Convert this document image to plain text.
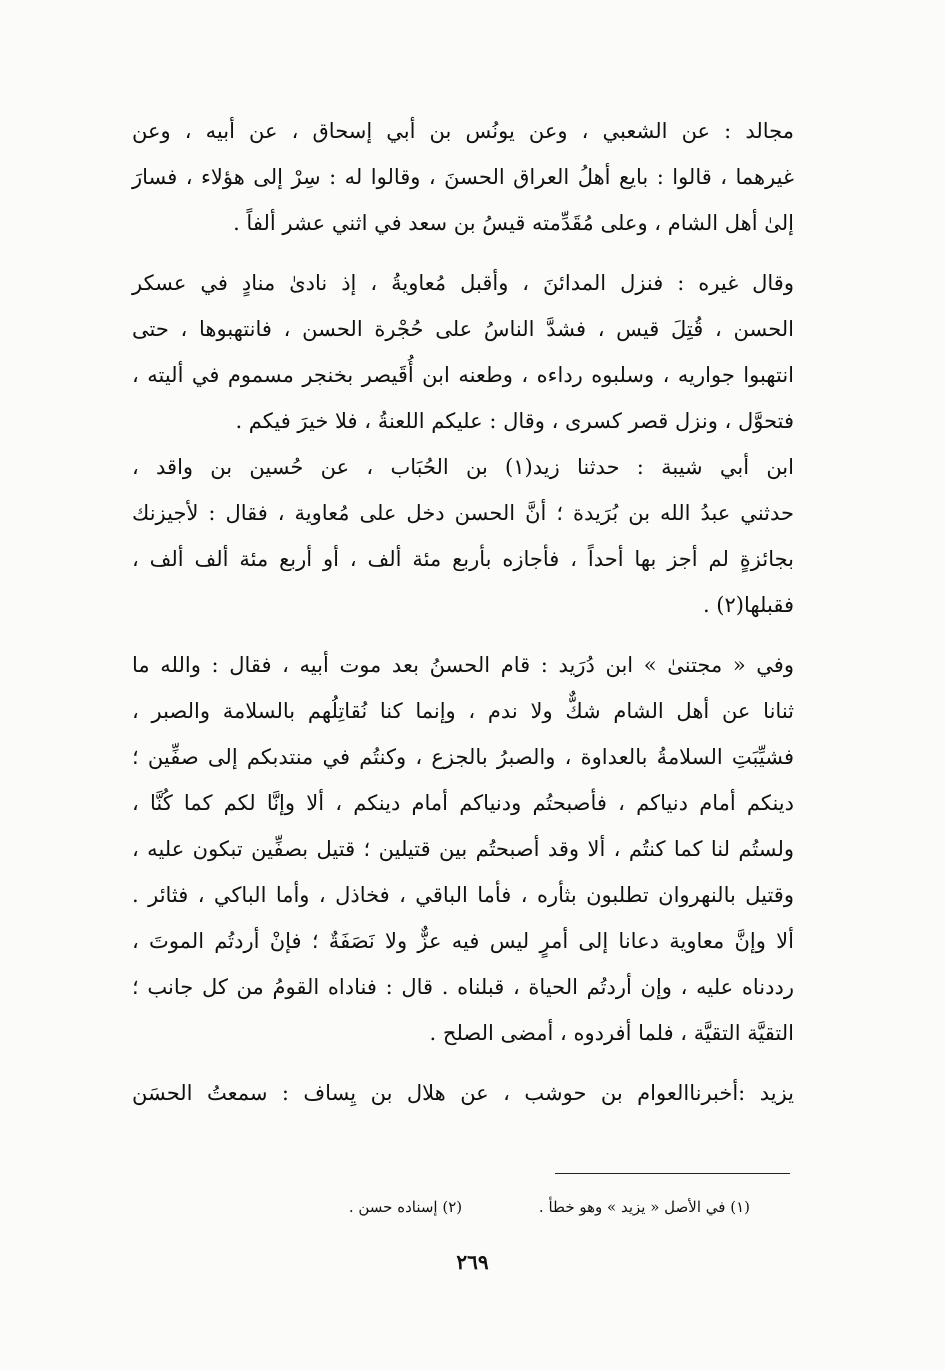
مجالد : عن الشعبي ، وعن يونُس بن أبي إسحاق ، عن أبيه ، وعن
غيرهما ، قالوا : بايع أهلُ العراق الحسنَ ، وقالوا له : سِرْ إلى هؤلاء ، فسارَ
إلىٰ أهل الشام ، وعلى مُقَدِّمته قيسُ بن سعد في اثني عشر ألفاً .
وقال غيره : فنزل المدائنَ ، وأقبل مُعاويةُ ، إذ نادىٰ منادٍ في عسكر
الحسن ، قُتِلَ قيس ، فشدَّ الناسُ على حُجْرة الحسن ، فانتهبوها ، حتى
انتهبوا جواريه ، وسلبوه رداءه ، وطعنه ابن أُقَيصر بخنجر مسموم في أليته ،
فتحوَّل ، ونزل قصر كسرى ، وقال : عليكم اللعنةُ ، فلا خيرَ فيكم .
ابن أبي شيبة : حدثنا زيد(١) بن الحُبَاب ، عن حُسين بن واقد ،
حدثني عبدُ الله بن بُرَيدة ؛ أنَّ الحسن دخل على مُعاوية ، فقال : لأجيزنك
بجائزةٍ لم أجز بها أحداً ، فأجازه بأربع مئة ألف ، أو أربع مئة ألف ألف ،
فقبلها(٢) .
وفي « مجتنىٰ » ابن دُرَيد : قام الحسنُ بعد موت أبيه ، فقال : والله ما
ثنانا عن أهل الشام شكٌّ ولا ندم ، وإنما كنا نُقاتِلُهم بالسلامة والصبر ،
فشيِّبَتِ السلامةُ بالعداوة ، والصبرُ بالجزع ، وكنتُم في منتدبكم إلى صفِّين ؛
دينكم أمام دنياكم ، فأصبحتُم ودنياكم أمام دينكم ، ألا وإنَّا لكم كما كُنَّا ،
ولستُم لنا كما كنتُم ، ألا وقد أصبحتُم بين قتيلين ؛ قتيل بصفِّين تبكون عليه ،
وقتيل بالنهروان تطلبون بثأره ، فأما الباقي ، فخاذل ، وأما الباكي ، فثائر .
ألا وإنَّ معاوية دعانا إلى أمرٍ ليس فيه عزٌّ ولا نَصَفَةٌ ؛ فإنْ أردتُم الموتَ ،
رددناه عليه ، وإن أردتُم الحياة ، قبلناه . قال : فناداه القومُ من كل جانب ؛
التقيَّة التقيَّة ، فلما أفردوه ، أمضى الصلح .
يزيد :أخبرناالعوام بن حوشب ، عن هلال بن يِساف : سمعتُ الحسَن
(١) في الأصل « يزيد » وهو خطأ . (٢) إسناده حسن .
٢٦٩
